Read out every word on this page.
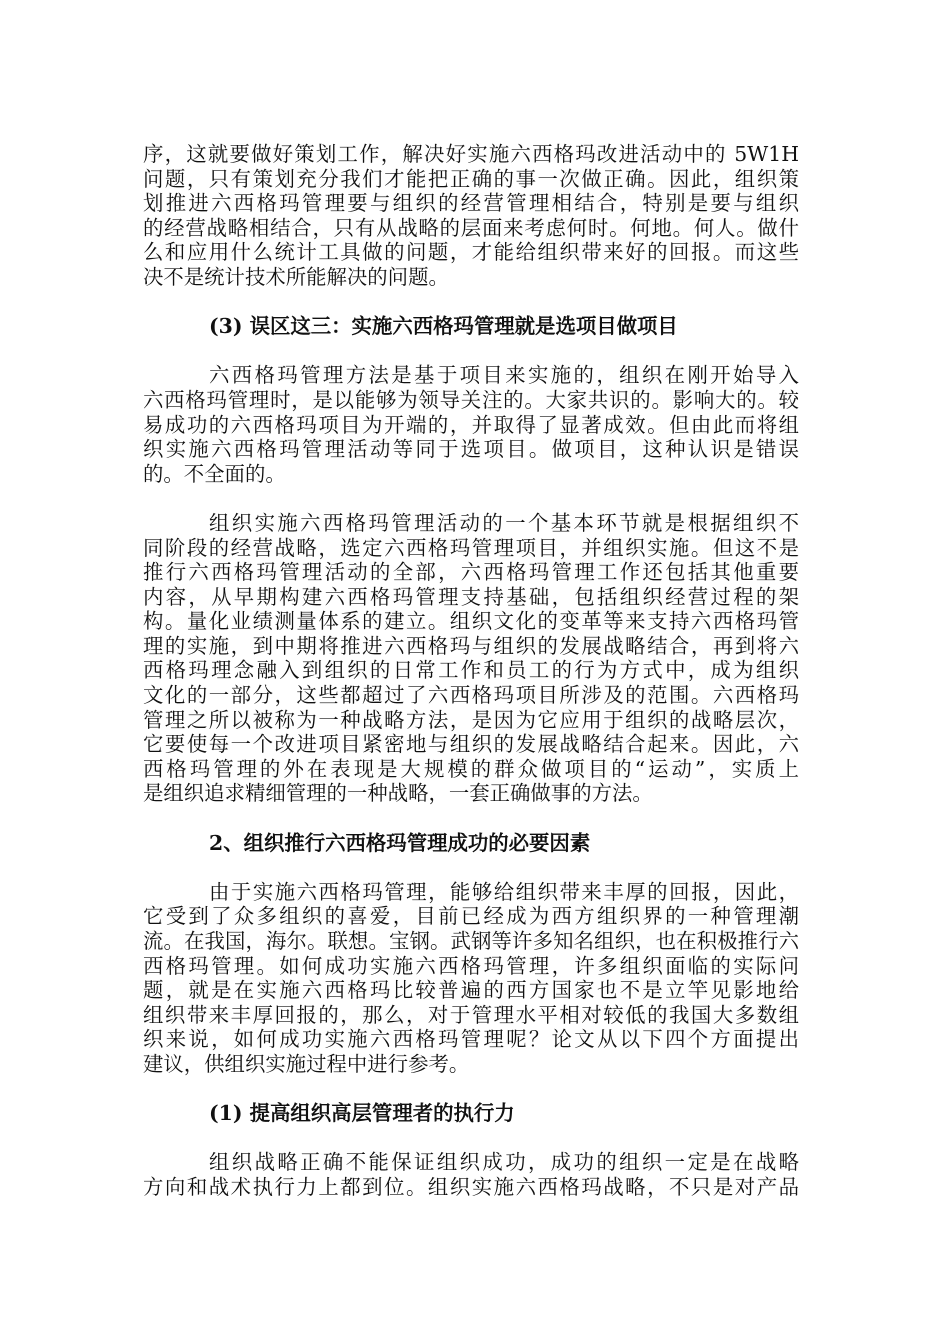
序，这就要做好策划工作，解决好实施六西格玛改进活动中的 5W1H
问题，只有策划充分我们才能把正确的事一次做正确。因此，组织策
划推进六西格玛管理要与组织的经营管理相结合，特别是要与组织
的经营战略相结合，只有从战略的层面来考虑何时。何地。何人。做什
么和应用什么统计工具做的问题，才能给组织带来好的回报。而这些
决不是统计技术所能解决的问题。
(3) 误区这三：实施六西格玛管理就是选项目做项目
六西格玛管理方法是基于项目来实施的，组织在刚开始导入
六西格玛管理时，是以能够为领导关注的。大家共识的。影响大的。较
易成功的六西格玛项目为开端的，并取得了显著成效。但由此而将组
织实施六西格玛管理活动等同于选项目。做项目，这种认识是错误
的。不全面的。
组织实施六西格玛管理活动的一个基本环节就是根据组织不
同阶段的经营战略，选定六西格玛管理项目，并组织实施。但这不是
推行六西格玛管理活动的全部，六西格玛管理工作还包括其他重要
内容，从早期构建六西格玛管理支持基础，包括组织经营过程的架
构。量化业绩测量体系的建立。组织文化的变革等来支持六西格玛管
理的实施，到中期将推进六西格玛与组织的发展战略结合，再到将六
西格玛理念融入到组织的日常工作和员工的行为方式中，成为组织
文化的一部分，这些都超过了六西格玛项目所涉及的范围。六西格玛
管理之所以被称为一种战略方法，是因为它应用于组织的战略层次，
它要使每一个改进项目紧密地与组织的发展战略结合起来。因此，六
西格玛管理的外在表现是大规模的群众做项目的“运动”，实质上
是组织追求精细管理的一种战略，一套正确做事的方法。
2、组织推行六西格玛管理成功的必要因素
由于实施六西格玛管理，能够给组织带来丰厚的回报，因此，
它受到了众多组织的喜爱，目前已经成为西方组织界的一种管理潮
流。在我国，海尔。联想。宝钢。武钢等许多知名组织，也在积极推行六
西格玛管理。如何成功实施六西格玛管理，许多组织面临的实际问
题，就是在实施六西格玛比较普遍的西方国家也不是立竿见影地给
组织带来丰厚回报的，那么，对于管理水平相对较低的我国大多数组
织来说，如何成功实施六西格玛管理呢？论文从以下四个方面提出
建议，供组织实施过程中进行参考。
(1) 提高组织高层管理者的执行力
组织战略正确不能保证组织成功，成功的组织一定是在战略
方向和战术执行力上都到位。组织实施六西格玛战略，不只是对产品
